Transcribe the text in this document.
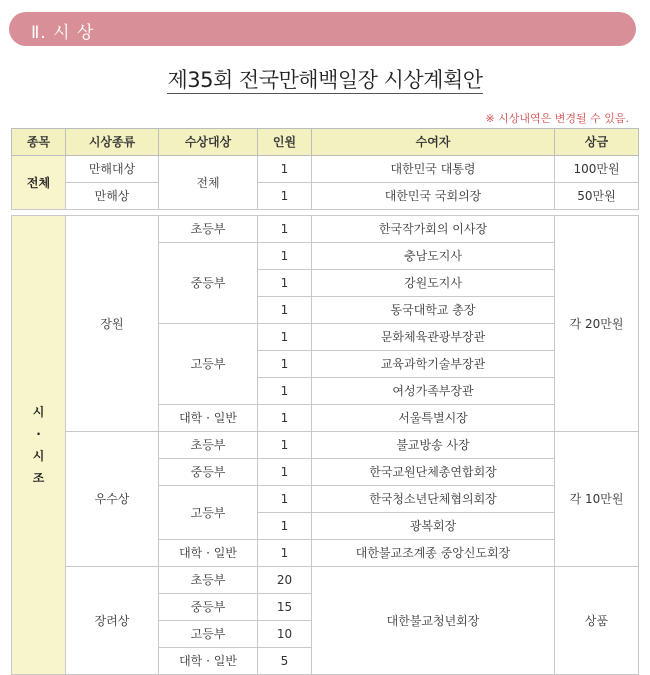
Ⅱ. 시 상
제35회 전국만해백일장 시상계획안
※ 시상내역은 변경될 수 있음.
종목	시상종류	수상대상	인원	수여자	상금
전체	만해대상	전체	1	대한민국 대통령	100만원
	만해상		1	대한민국 국회의장	50만원

시
·
시
조	장원	초등부	1	한국작가회의 이사장	각 20만원
		중등부	1	충남도지사	
			1	강원도지사	
			1	동국대학교 총장	
		고등부	1	문화체육관광부장관	
			1	교육과학기술부장관	
			1	여성가족부장관	
		대학 · 일반	1	서울특별시장	
	우수상	초등부	1	불교방송 사장	각 10만원
		중등부	1	한국교원단체총연합회장	
		고등부	1	한국청소년단체협의회장	
			1	광복회장	
		대학 · 일반	1	대한불교조계종 중앙신도회장	
	장려상	초등부	20	대한불교청년회장	상품
		중등부	15		
		고등부	10		
		대학 · 일반	5		
